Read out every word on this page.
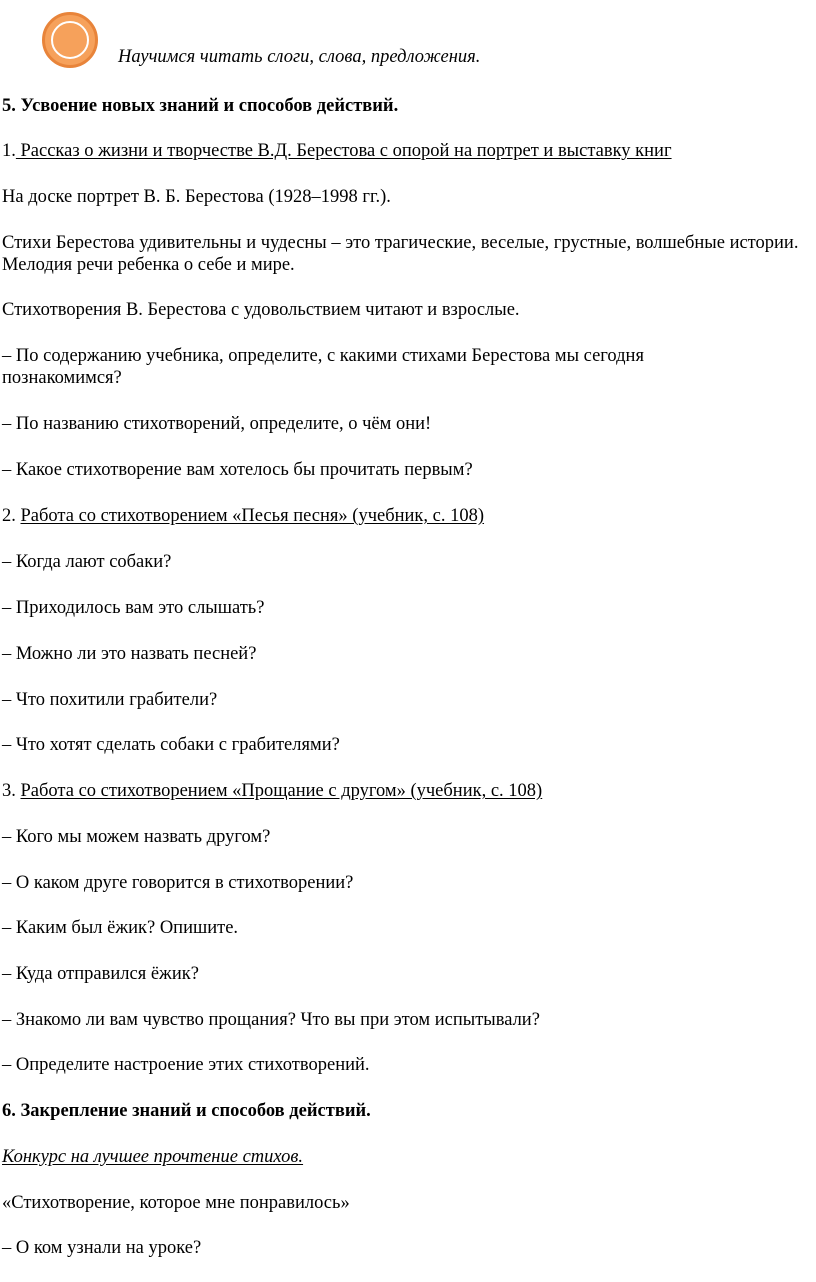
Научимся читать слоги, слова, предложения.
5. Усвоение новых знаний и способов действий.
1. Рассказ о жизни и творчестве В.Д. Берестова с опорой на портрет и выставку книг
На доске портрет В. Б. Берестова (1928–1998 гг.).
Стихи Берестова удивительны и чудесны – это трагические, веселые, грустные, волшебные истории. Мелодия речи ребенка о себе и мире.
Стихотворения В. Берестова с удовольствием читают и взрослые.
– По содержанию учебника, определите, с какими стихами Берестова мы сегодня познакомимся?
– По названию стихотворений, определите, о чём они!
– Какое стихотворение вам хотелось бы прочитать первым?
2. Работа со стихотворением «Песья песня» (учебник, с. 108)
– Когда лают собаки?
– Приходилось вам это слышать?
– Можно ли это назвать песней?
– Что похитили грабители?
– Что хотят сделать собаки с грабителями?
3. Работа со стихотворением «Прощание с другом» (учебник, с. 108)
– Кого мы можем назвать другом?
– О каком друге говорится в стихотворении?
– Каким был ёжик? Опишите.
– Куда отправился ёжик?
– Знакомо ли вам чувство прощания? Что вы при этом испытывали?
– Определите настроение этих стихотворений.
6. Закрепление знаний и способов действий.
Конкурс на лучшее прочтение стихов.
«Стихотворение, которое мне понравилось»
– О ком узнали на уроке?
